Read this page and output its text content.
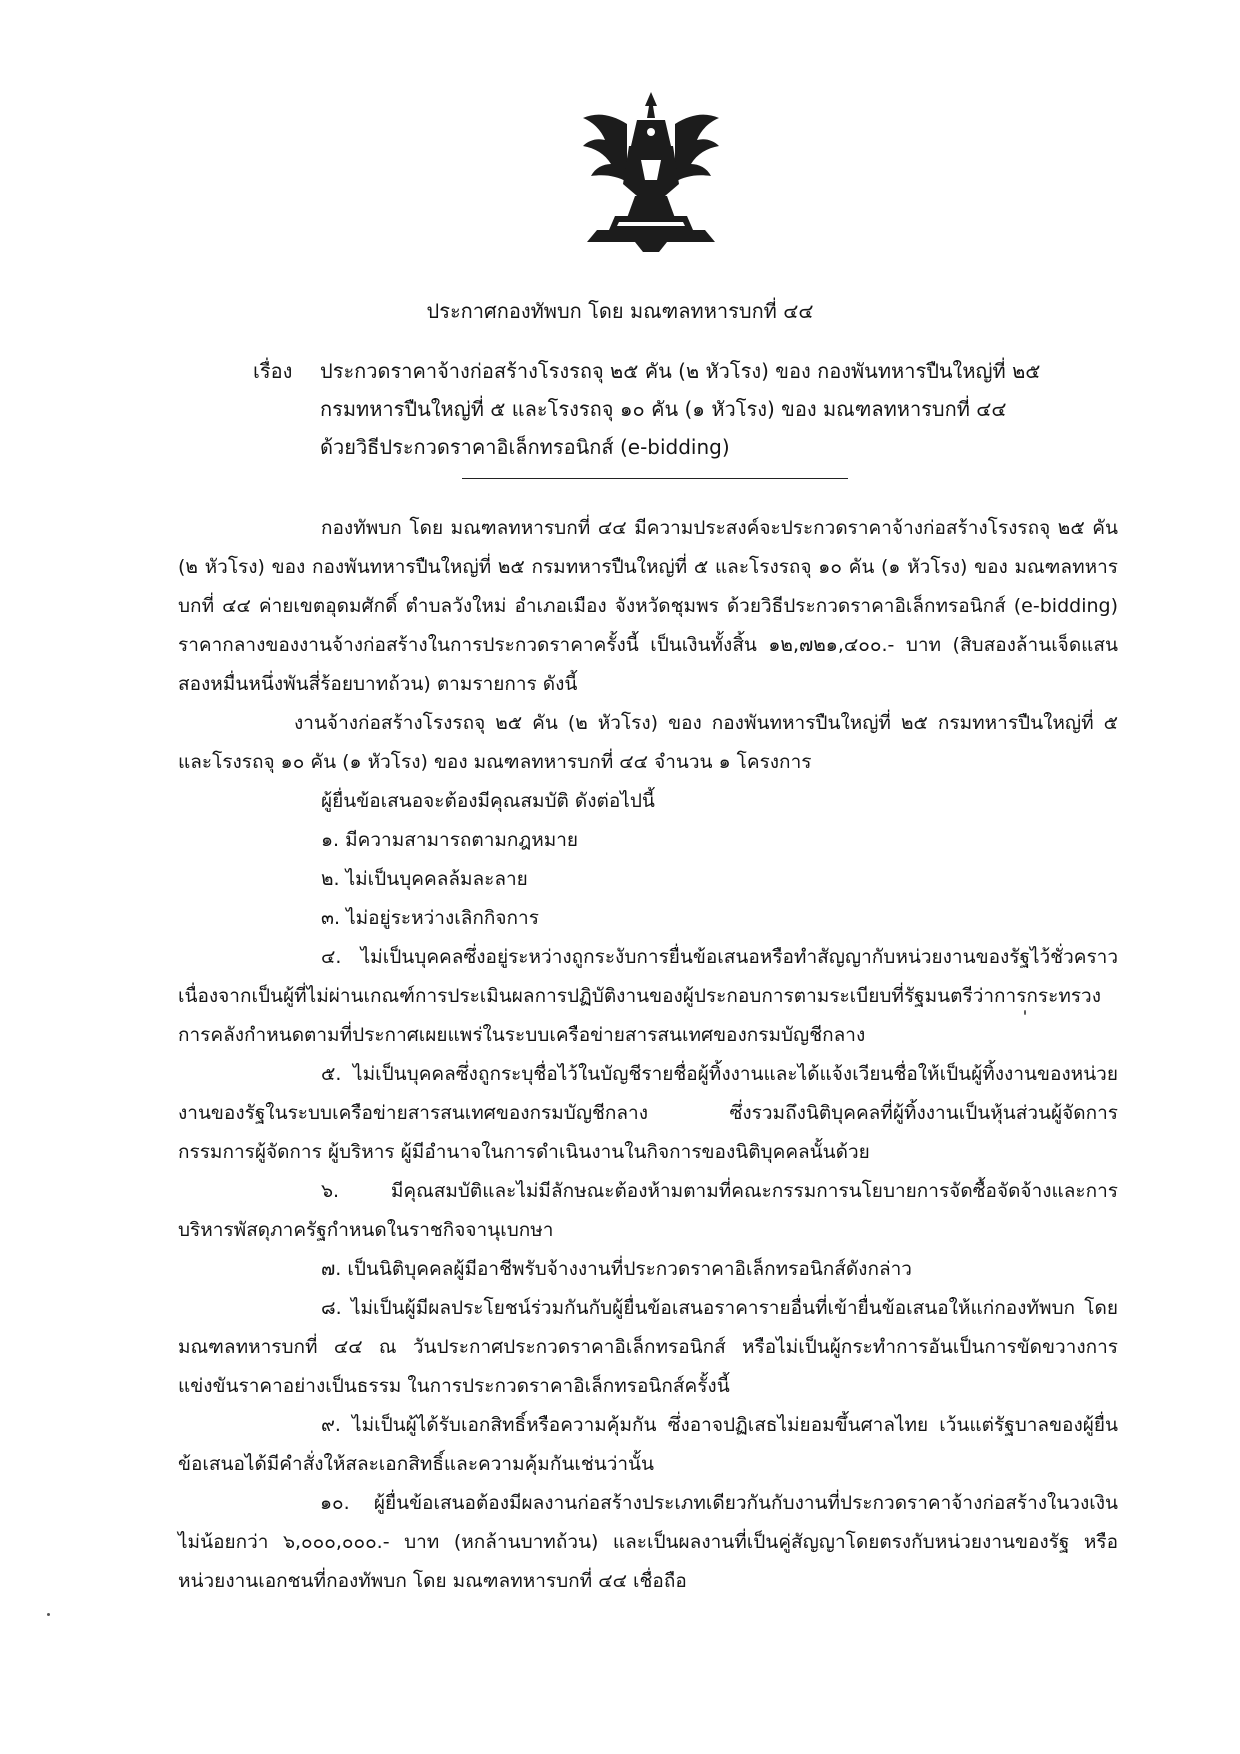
ประกาศกองทัพบก โดย มณฑลทหารบกที่ ๔๔
เรื่อง ประกวดราคาจ้างก่อสร้างโรงรถจุ ๒๕ คัน (๒ หัวโรง) ของ กองพันทหารปืนใหญ่ที่ ๒๕
กรมทหารปืนใหญ่ที่ ๕ และโรงรถจุ ๑๐ คัน (๑ หัวโรง) ของ มณฑลทหารบกที่ ๔๔
ด้วยวิธีประกวดราคาอิเล็กทรอนิกส์ (e-bidding)

กองทัพบก โดย มณฑลทหารบกที่ ๔๔ มีความประสงค์จะประกวดราคาจ้างก่อสร้างโรงรถจุ ๒๕ คัน (๒ หัวโรง) ของ กองพันทหารปืนใหญ่ที่ ๒๕ กรมทหารปืนใหญ่ที่ ๕ และโรงรถจุ ๑๐ คัน (๑ หัวโรง) ของ มณฑลทหารบกที่ ๔๔ ค่ายเขตอุดมศักดิ์ ตำบลวังใหม่ อำเภอเมือง จังหวัดชุมพร ด้วยวิธีประกวดราคาอิเล็กทรอนิกส์ (e-bidding) ราคากลางของงานจ้างก่อสร้างในการประกวดราคาครั้งนี้ เป็นเงินทั้งสิ้น ๑๒,๗๒๑,๔๐๐.- บาท (สิบสองล้านเจ็ดแสนสองหมื่นหนึ่งพันสี่ร้อยบาทถ้วน) ตามรายการ ดังนี้

งานจ้างก่อสร้างโรงรถจุ ๒๕ คัน (๒ หัวโรง) ของ กองพันทหารปืนใหญ่ที่ ๒๕ กรมทหารปืนใหญ่ที่ ๕ และโรงรถจุ ๑๐ คัน (๑ หัวโรง) ของ มณฑลทหารบกที่ ๔๔ จำนวน ๑ โครงการ

ผู้ยื่นข้อเสนอจะต้องมีคุณสมบัติ ดังต่อไปนี้

๑. มีความสามารถตามกฎหมาย

๒. ไม่เป็นบุคคลล้มละลาย

๓. ไม่อยู่ระหว่างเลิกกิจการ

๔. ไม่เป็นบุคคลซึ่งอยู่ระหว่างถูกระงับการยื่นข้อเสนอหรือทำสัญญากับหน่วยงานของรัฐไว้ชั่วคราว เนื่องจากเป็นผู้ที่ไม่ผ่านเกณฑ์การประเมินผลการปฏิบัติงานของผู้ประกอบการตามระเบียบที่รัฐมนตรีว่าการกระทรวงการคลังกำหนดตามที่ประกาศเผยแพร่ในระบบเครือข่ายสารสนเทศของกรมบัญชีกลาง

๕. ไม่เป็นบุคคลซึ่งถูกระบุชื่อไว้ในบัญชีรายชื่อผู้ทิ้งงานและได้แจ้งเวียนชื่อให้เป็นผู้ทิ้งงานของหน่วยงานของรัฐในระบบเครือข่ายสารสนเทศของกรมบัญชีกลาง ซึ่งรวมถึงนิติบุคคลที่ผู้ทิ้งงานเป็นหุ้นส่วนผู้จัดการ กรรมการผู้จัดการ ผู้บริหาร ผู้มีอำนาจในการดำเนินงานในกิจการของนิติบุคคลนั้นด้วย

๖. มีคุณสมบัติและไม่มีลักษณะต้องห้ามตามที่คณะกรรมการนโยบายการจัดซื้อจัดจ้างและการบริหารพัสดุภาครัฐกำหนดในราชกิจจานุเบกษา

๗. เป็นนิติบุคคลผู้มีอาชีพรับจ้างงานที่ประกวดราคาอิเล็กทรอนิกส์ดังกล่าว

๘. ไม่เป็นผู้มีผลประโยชน์ร่วมกันกับผู้ยื่นข้อเสนอราคารายอื่นที่เข้ายื่นข้อเสนอให้แก่กองทัพบก โดย มณฑลทหารบกที่ ๔๔ ณ วันประกาศประกวดราคาอิเล็กทรอนิกส์ หรือไม่เป็นผู้กระทำการอันเป็นการขัดขวางการแข่งขันราคาอย่างเป็นธรรม ในการประกวดราคาอิเล็กทรอนิกส์ครั้งนี้

๙. ไม่เป็นผู้ได้รับเอกสิทธิ์หรือความคุ้มกัน ซึ่งอาจปฏิเสธไม่ยอมขึ้นศาลไทย เว้นแต่รัฐบาลของผู้ยื่นข้อเสนอได้มีคำสั่งให้สละเอกสิทธิ์และความคุ้มกันเช่นว่านั้น

๑๐. ผู้ยื่นข้อเสนอต้องมีผลงานก่อสร้างประเภทเดียวกันกับงานที่ประกวดราคาจ้างก่อสร้างในวงเงินไม่น้อยกว่า ๖,๐๐๐,๐๐๐.- บาท (หกล้านบาทถ้วน) และเป็นผลงานที่เป็นคู่สัญญาโดยตรงกับหน่วยงานของรัฐ หรือหน่วยงานเอกชนที่กองทัพบก โดย มณฑลทหารบกที่ ๔๔ เชื่อถือ
